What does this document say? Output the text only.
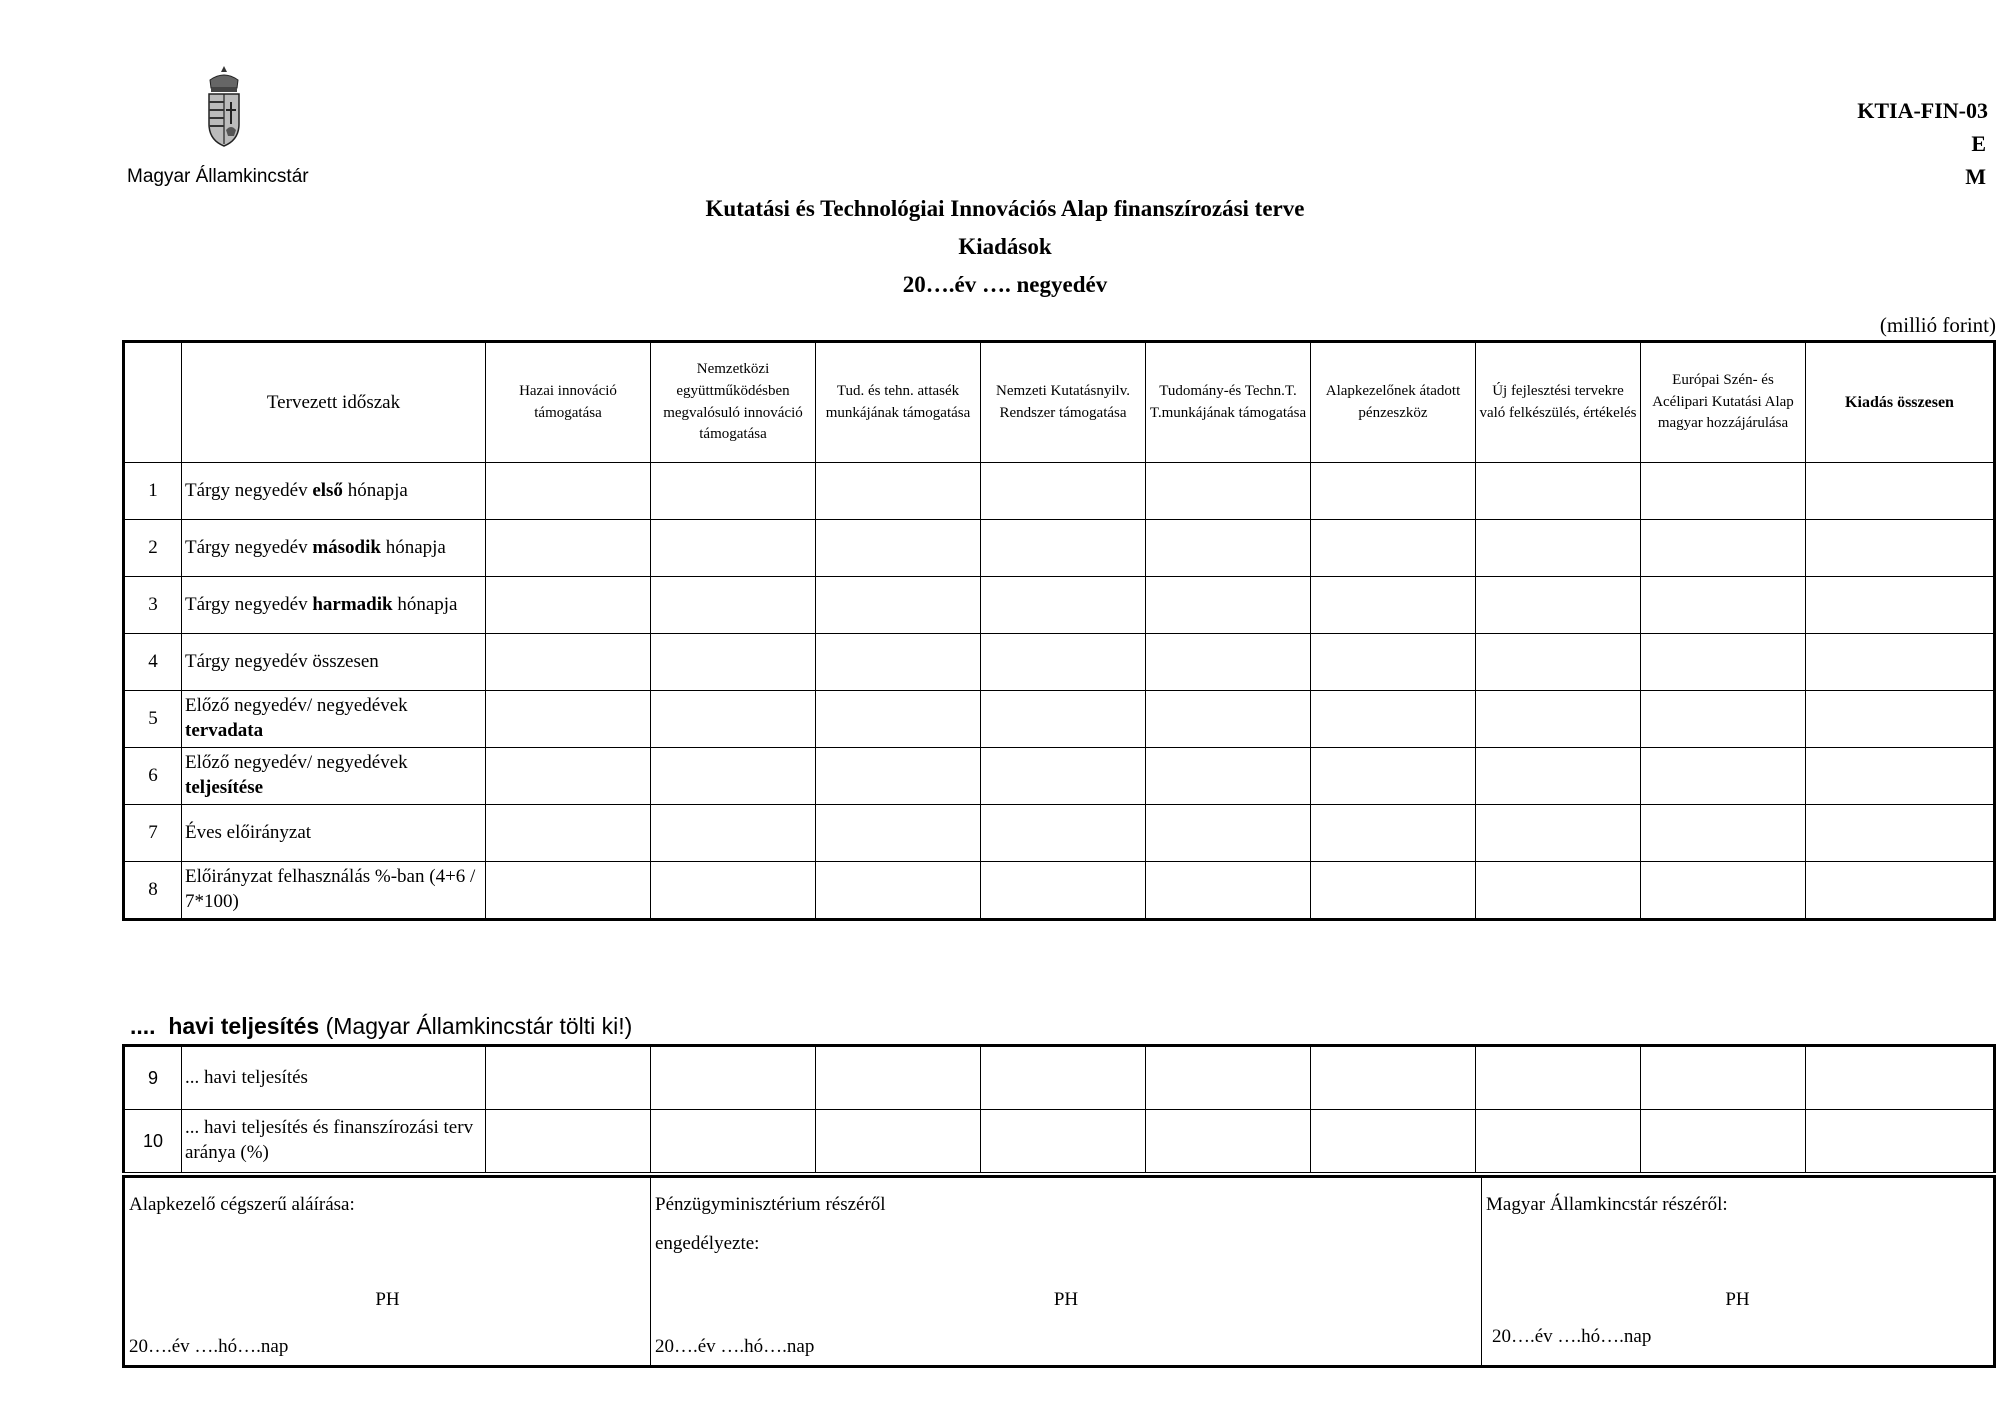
Magyar Államkincstár
KTIA-FIN-03
E
M
Kutatási és Technológiai Innovációs Alap finanszírozási terve
Kiadások
20….év …. negyedév
(millió forint)
	Tervezett időszak	Hazai innováció támogatása	Nemzetközi együttműködésben megvalósuló innováció támogatása	Tud. és tehn. attasék munkájának támogatása	Nemzeti Kutatásnyilv. Rendszer támogatása	Tudomány-és Techn.T. T.munkájának támogatása	Alapkezelőnek átadott pénzeszköz	Új fejlesztési tervekre való felkészülés, értékelés	Európai Szén- és Acélipari Kutatási Alap magyar hozzájárulása	Kiadás összesen
1	Tárgy negyedév első hónapja									
2	Tárgy negyedév második hónapja									
3	Tárgy negyedév harmadik hónapja									
4	Tárgy negyedév összesen									
5	Előző negyedév/ negyedévek tervadata									
6	Előző negyedév/ negyedévek teljesítése									
7	Éves előirányzat									
8	Előirányzat felhasználás %-ban (4+6 / 7*100)									
....  havi teljesítés (Magyar Államkincstár tölti ki!)
9	... havi teljesítés									
10	... havi teljesítés és finanszírozási terv aránya (%)									
Alapkezelő cégszerű aláírása:
PH
20….év ….hó….nap

Pénzügyminisztérium részéről
engedélyezte:
PH
20….év ….hó….nap

Magyar Államkincstár részéről:
PH
20….év ….hó….nap
